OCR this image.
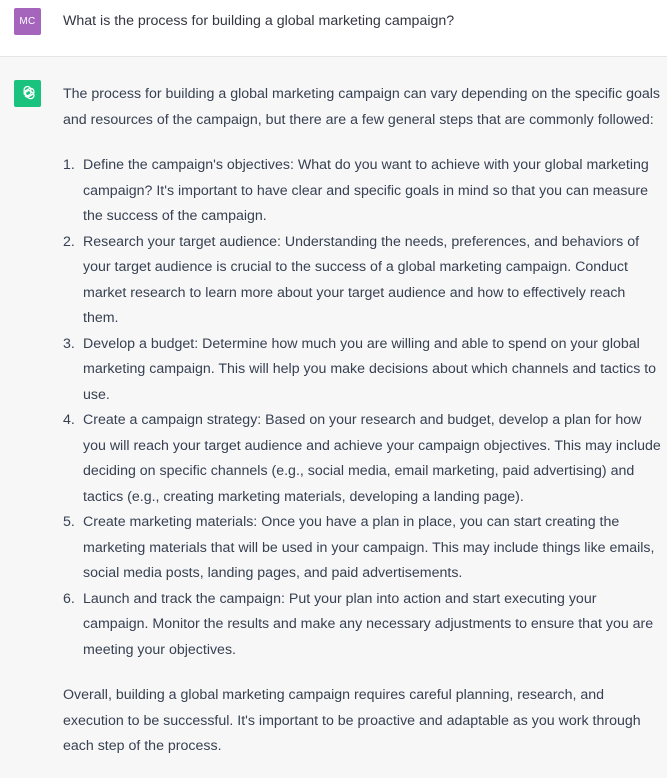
MC	What is the process for building a global marketing campaign?

The process for building a global marketing campaign can vary depending on the specific goals and resources of the campaign, but there are a few general steps that are commonly followed:

1. Define the campaign's objectives: What do you want to achieve with your global marketing campaign? It's important to have clear and specific goals in mind so that you can measure the success of the campaign.
2. Research your target audience: Understanding the needs, preferences, and behaviors of your target audience is crucial to the success of a global marketing campaign. Conduct market research to learn more about your target audience and how to effectively reach them.
3. Develop a budget: Determine how much you are willing and able to spend on your global marketing campaign. This will help you make decisions about which channels and tactics to use.
4. Create a campaign strategy: Based on your research and budget, develop a plan for how you will reach your target audience and achieve your campaign objectives. This may include deciding on specific channels (e.g., social media, email marketing, paid advertising) and tactics (e.g., creating marketing materials, developing a landing page).
5. Create marketing materials: Once you have a plan in place, you can start creating the marketing materials that will be used in your campaign. This may include things like emails, social media posts, landing pages, and paid advertisements.
6. Launch and track the campaign: Put your plan into action and start executing your campaign. Monitor the results and make any necessary adjustments to ensure that you are meeting your objectives.

Overall, building a global marketing campaign requires careful planning, research, and execution to be successful. It's important to be proactive and adaptable as you work through each step of the process.
